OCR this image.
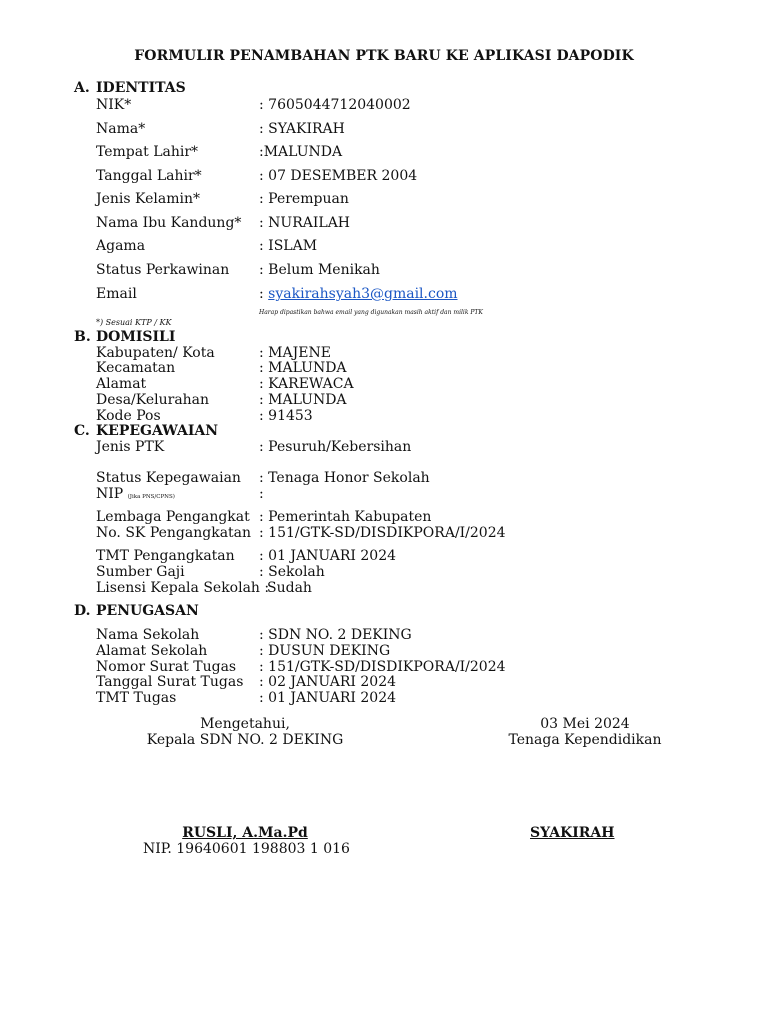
FORMULIR PENAMBAHAN PTK BARU KE APLIKASI DAPODIK
A. IDENTITAS
NIK*	: 7605044712040002
Nama*	: SYAKIRAH
Tempat Lahir*	:MALUNDA
Tanggal Lahir*	: 07 DESEMBER 2004
Jenis Kelamin*	: Perempuan
Nama Ibu Kandung* : NURAILAH
Agama	: ISLAM
Status Perkawinan : Belum Menikah
Email	: syakirahsyah3@gmail.com
Harap dipastikan bahwa email yang digunakan masih aktif dan milik PTK
*) Sesuai KTP / KK
B. DOMISILI
Kabupaten/ Kota	: MAJENE
Kecamatan	: MALUNDA
Alamat	: KAREWACA
Desa/Kelurahan	: MALUNDA
Kode Pos	: 91453
C. KEPEGAWAIAN
Jenis PTK	: Pesuruh/Kebersihan
Status Kepegawaian : Tenaga Honor Sekolah
NIP (Jika PNS/CPNS)	:
Lembaga Pengangkat : Pemerintah Kabupaten
No. SK Pengangkatan : 151/GTK-SD/DISDIKPORA/I/2024
TMT Pengangkatan : 01 JANUARI 2024
Sumber Gaji	: Sekolah
Lisensi Kepala Sekolah :
Sudah
D. PENUGASAN
Nama Sekolah	: SDN NO. 2 DEKING
Alamat Sekolah	: DUSUN DEKING
Nomor Surat Tugas : 151/GTK-SD/DISDIKPORA/I/2024
Tanggal Surat Tugas : 02 JANUARI 2024
TMT Tugas	: 01 JANUARI 2024
Mengetahui,
Kepala SDN NO. 2 DEKING
03 Mei 2024
Tenaga Kependidikan
RUSLI, A.Ma.Pd
NIP. 19640601 198803 1 016
SYAKIRAH
